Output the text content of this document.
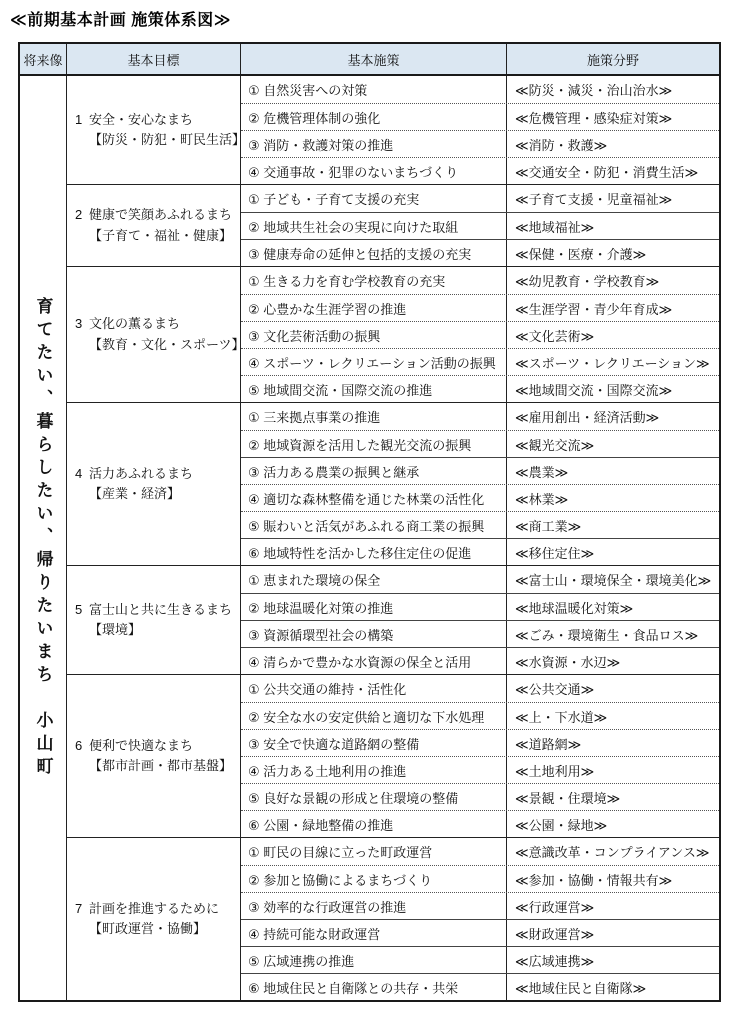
≪前期基本計画 施策体系図≫
将来像	基本目標	基本施策	施策分野
育てたい、暮らしたい、帰りたいまち　小山町
1 安全・安心なまち
【防災・防犯・町民生活】
① 自然災害への対策	≪防災・減災・治山治水≫
② 危機管理体制の強化	≪危機管理・感染症対策≫
③ 消防・救護対策の推進	≪消防・救護≫
④ 交通事故・犯罪のないまちづくり	≪交通安全・防犯・消費生活≫
2 健康で笑顔あふれるまち
【子育て・福祉・健康】
① 子ども・子育て支援の充実	≪子育て支援・児童福祉≫
② 地域共生社会の実現に向けた取組	≪地域福祉≫
③ 健康寿命の延伸と包括的支援の充実	≪保健・医療・介護≫
3 文化の薫るまち
【教育・文化・スポーツ】
① 生きる力を育む学校教育の充実	≪幼児教育・学校教育≫
② 心豊かな生涯学習の推進	≪生涯学習・青少年育成≫
③ 文化芸術活動の振興	≪文化芸術≫
④ スポーツ・レクリエーション活動の振興	≪スポーツ・レクリエーション≫
⑤ 地域間交流・国際交流の推進	≪地域間交流・国際交流≫
4 活力あふれるまち
【産業・経済】
① 三来拠点事業の推進	≪雇用創出・経済活動≫
② 地域資源を活用した観光交流の振興	≪観光交流≫
③ 活力ある農業の振興と継承	≪農業≫
④ 適切な森林整備を通じた林業の活性化	≪林業≫
⑤ 賑わいと活気があふれる商工業の振興	≪商工業≫
⑥ 地域特性を活かした移住定住の促進	≪移住定住≫
5 富士山と共に生きるまち
【環境】
① 恵まれた環境の保全	≪富士山・環境保全・環境美化≫
② 地球温暖化対策の推進	≪地球温暖化対策≫
③ 資源循環型社会の構築	≪ごみ・環境衛生・食品ロス≫
④ 清らかで豊かな水資源の保全と活用	≪水資源・水辺≫
6 便利で快適なまち
【都市計画・都市基盤】
① 公共交通の維持・活性化	≪公共交通≫
② 安全な水の安定供給と適切な下水処理	≪上・下水道≫
③ 安全で快適な道路網の整備	≪道路網≫
④ 活力ある土地利用の推進	≪土地利用≫
⑤ 良好な景観の形成と住環境の整備	≪景観・住環境≫
⑥ 公園・緑地整備の推進	≪公園・緑地≫
7 計画を推進するために
【町政運営・協働】
① 町民の目線に立った町政運営	≪意識改革・コンプライアンス≫
② 参加と協働によるまちづくり	≪参加・協働・情報共有≫
③ 効率的な行政運営の推進	≪行政運営≫
④ 持続可能な財政運営	≪財政運営≫
⑤ 広域連携の推進	≪広域連携≫
⑥ 地域住民と自衛隊との共存・共栄	≪地域住民と自衛隊≫
